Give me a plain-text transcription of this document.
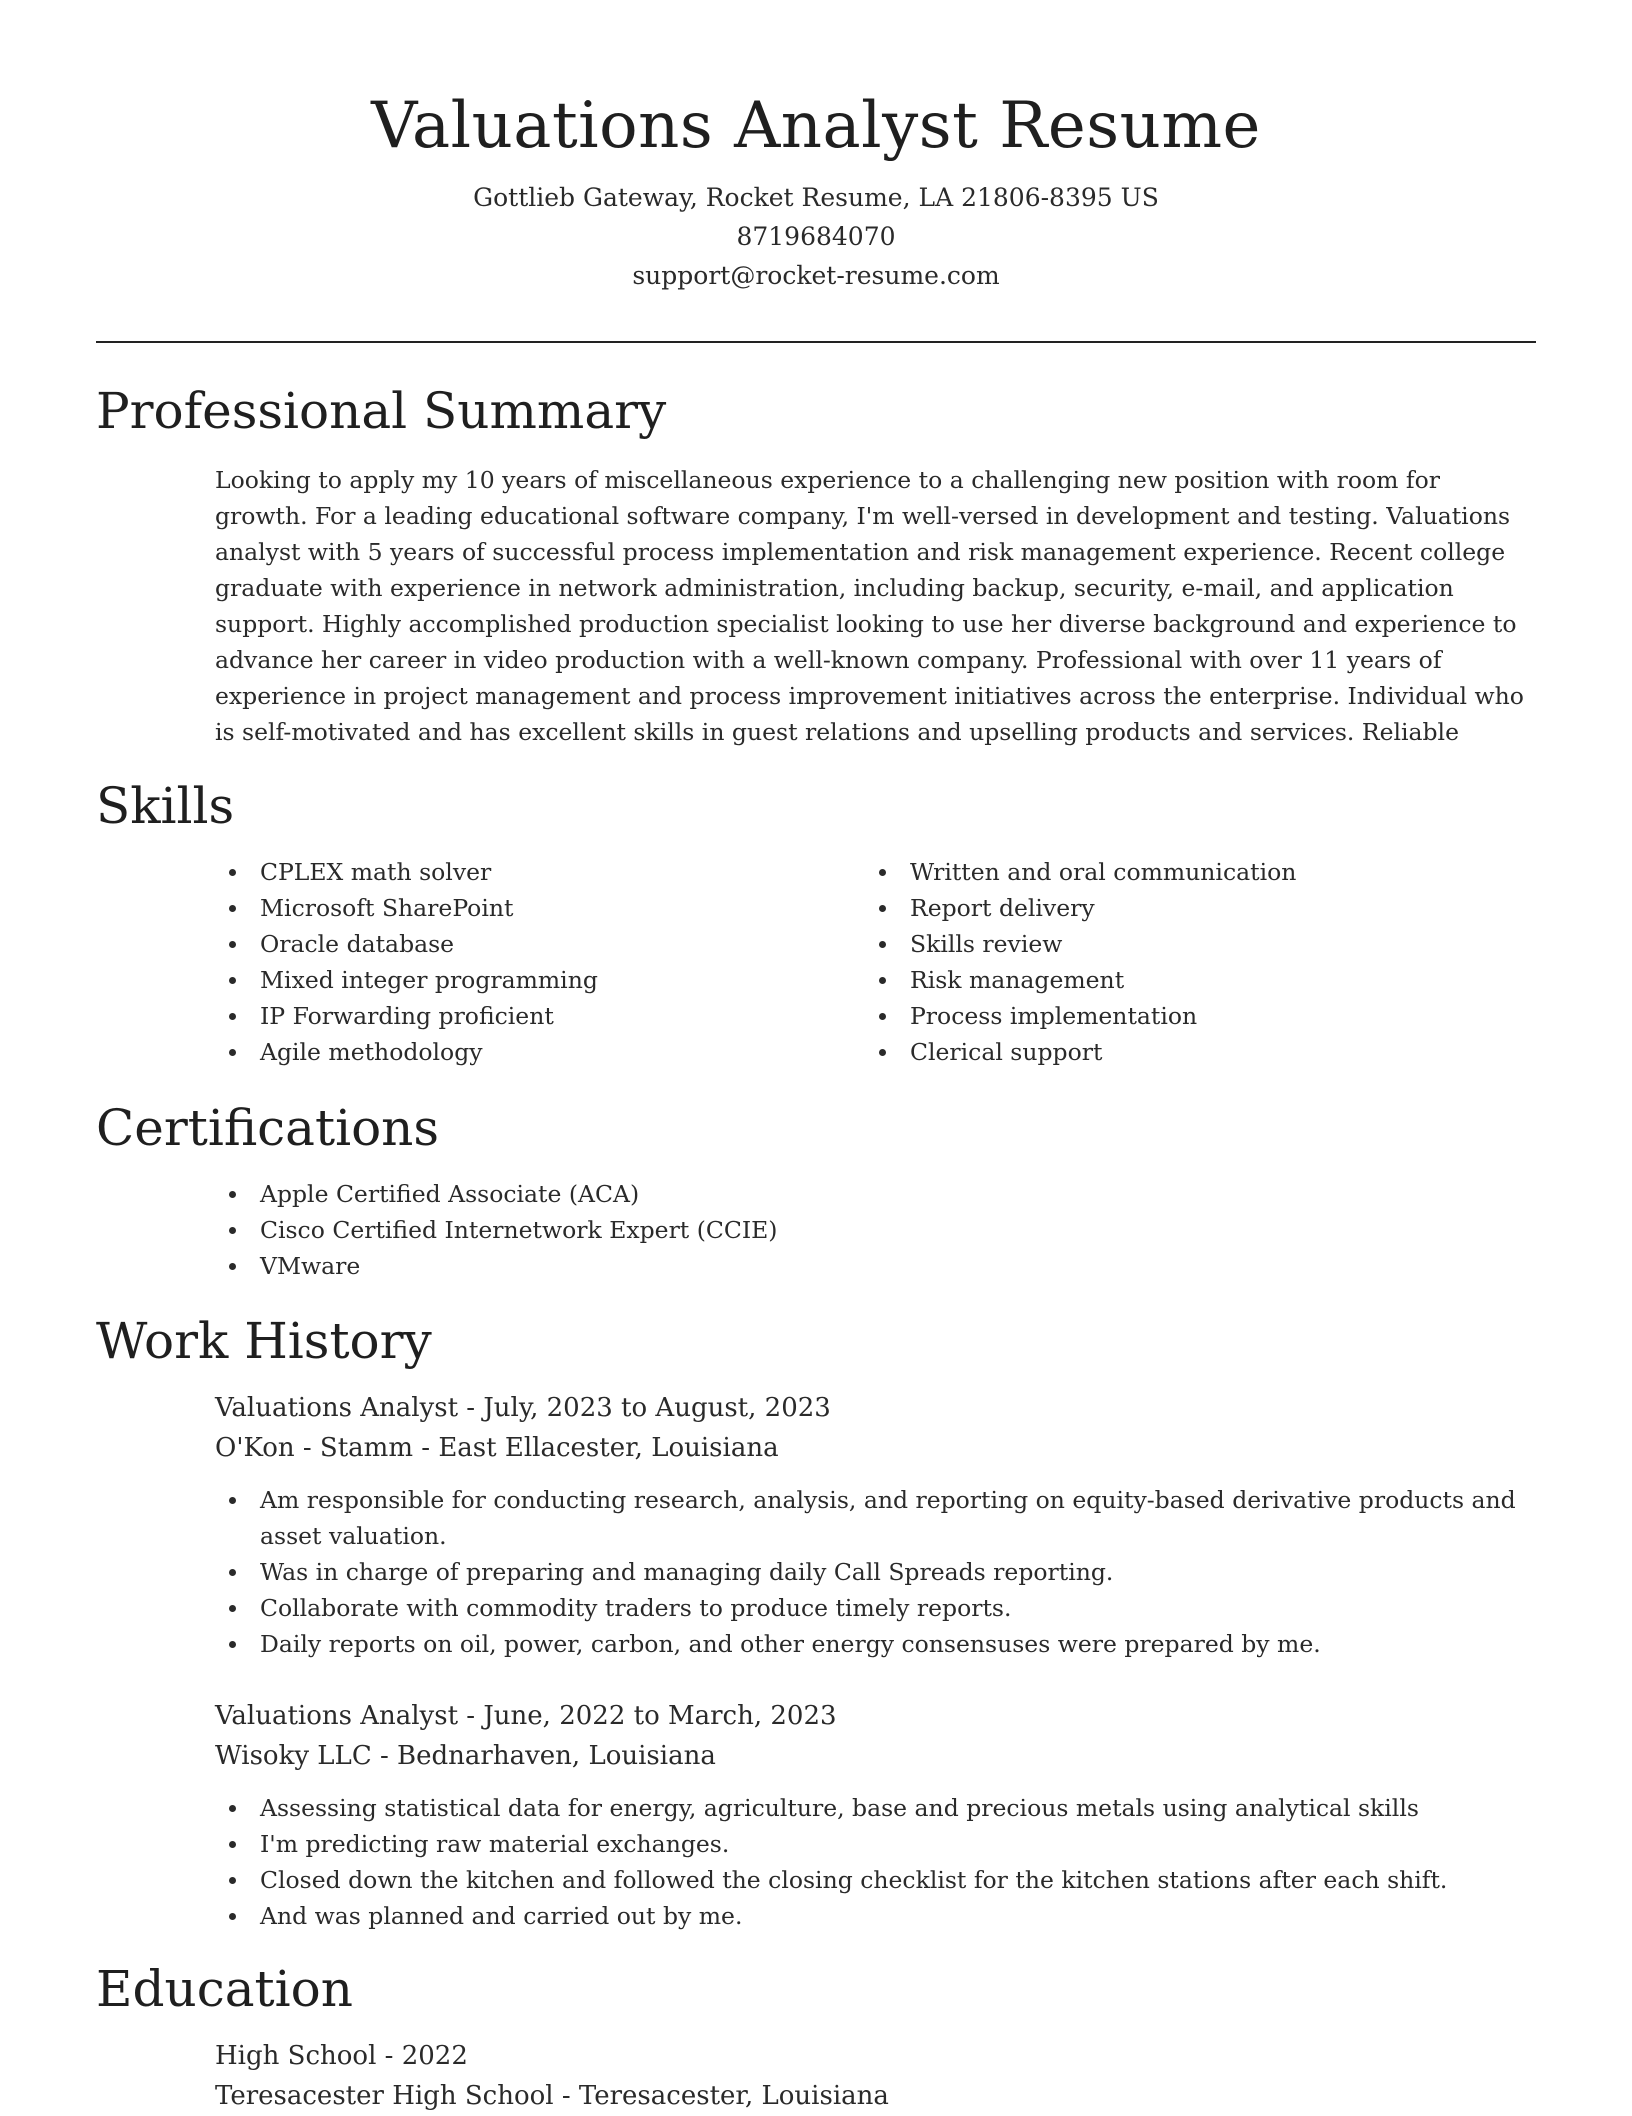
Valuations Analyst Resume
Gottlieb Gateway, Rocket Resume, LA 21806-8395 US
8719684070
support@rocket-resume.com
Professional Summary

Looking to apply my 10 years of miscellaneous experience to a challenging new position with room for growth. For a leading educational software company, I'm well-versed in development and testing. Valuations analyst with 5 years of successful process implementation and risk management experience. Recent college graduate with experience in network administration, including backup, security, e-mail, and application support. Highly accomplished production specialist looking to use her diverse background and experience to advance her career in video production with a well-known company. Professional with over 11 years of experience in project management and process improvement initiatives across the enterprise. Individual who is self-motivated and has excellent skills in guest relations and upselling products and services. Reliable

Skills
CPLEX math solver
Microsoft SharePoint
Oracle database
Mixed integer programming
IP Forwarding proficient
Agile methodology
Written and oral communication
Report delivery
Skills review
Risk management
Process implementation
Clerical support
Certifications
Apple Certified Associate (ACA)
Cisco Certified Internetwork Expert (CCIE)
VMware
Work History
Valuations Analyst - July, 2023 to August, 2023
O'Kon - Stamm - East Ellacester, Louisiana
Am responsible for conducting research, analysis, and reporting on equity-based derivative products and asset valuation.
Was in charge of preparing and managing daily Call Spreads reporting.
Collaborate with commodity traders to produce timely reports.
Daily reports on oil, power, carbon, and other energy consensuses were prepared by me.
Valuations Analyst - June, 2022 to March, 2023
Wisoky LLC - Bednarhaven, Louisiana
Assessing statistical data for energy, agriculture, base and precious metals using analytical skills
I'm predicting raw material exchanges.
Closed down the kitchen and followed the closing checklist for the kitchen stations after each shift.
And was planned and carried out by me.
Education
High School - 2022
Teresacester High School - Teresacester, Louisiana
